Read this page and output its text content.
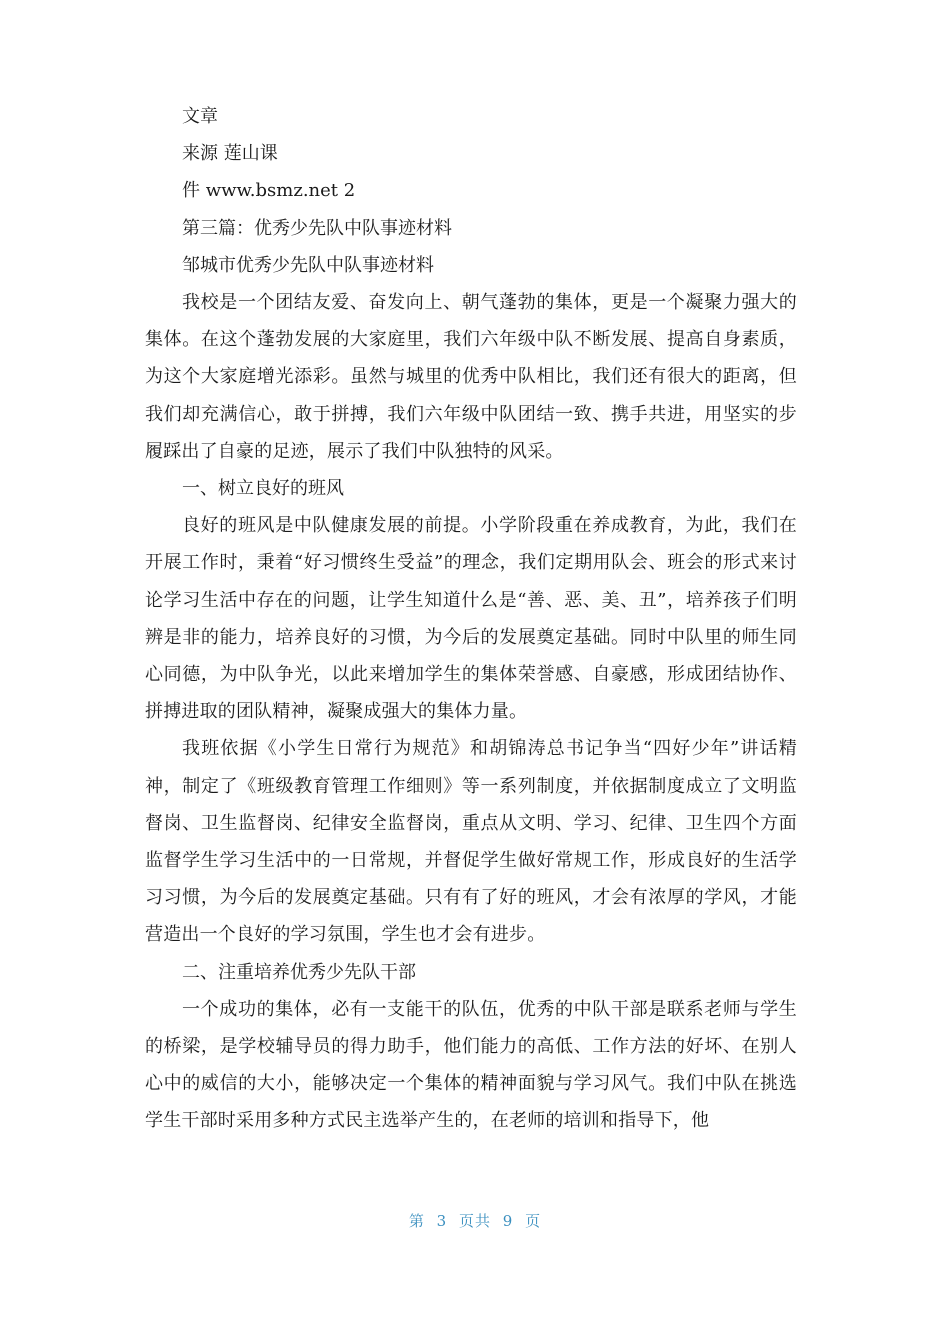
文章

来源 莲山课

件 www.bsmz.net 2

第三篇：优秀少先队中队事迹材料

邹城市优秀少先队中队事迹材料

我校是一个团结友爱、奋发向上、朝气蓬勃的集体，更是一个凝聚力强大的集体。在这个蓬勃发展的大家庭里，我们六年级中队不断发展、提高自身素质，为这个大家庭增光添彩。虽然与城里的优秀中队相比，我们还有很大的距离，但我们却充满信心，敢于拼搏，我们六年级中队团结一致、携手共进，用坚实的步履踩出了自豪的足迹，展示了我们中队独特的风采。

一、树立良好的班风

良好的班风是中队健康发展的前提。小学阶段重在养成教育，为此，我们在开展工作时，秉着“好习惯终生受益”的理念，我们定期用队会、班会的形式来讨论学习生活中存在的问题，让学生知道什么是“善、恶、美、丑”，培养孩子们明辨是非的能力，培养良好的习惯，为今后的发展奠定基础。同时中队里的师生同心同德，为中队争光，以此来增加学生的集体荣誉感、自豪感，形成团结协作、拼搏进取的团队精神，凝聚成强大的集体力量。

我班依据《小学生日常行为规范》和胡锦涛总书记争当“四好少年”讲话精神，制定了《班级教育管理工作细则》等一系列制度，并依据制度成立了文明监督岗、卫生监督岗、纪律安全监督岗，重点从文明、学习、纪律、卫生四个方面监督学生学习生活中的一日常规，并督促学生做好常规工作，形成良好的生活学习习惯，为今后的发展奠定基础。只有有了好的班风，才会有浓厚的学风，才能营造出一个良好的学习氛围，学生也才会有进步。

二、注重培养优秀少先队干部

一个成功的集体，必有一支能干的队伍，优秀的中队干部是联系老师与学生的桥梁，是学校辅导员的得力助手，他们能力的高低、工作方法的好坏、在别人心中的威信的大小，能够决定一个集体的精神面貌与学习风气。我们中队在挑选学生干部时采用多种方式民主选举产生的，在老师的培训和指导下，他

第 3 页共 9 页
